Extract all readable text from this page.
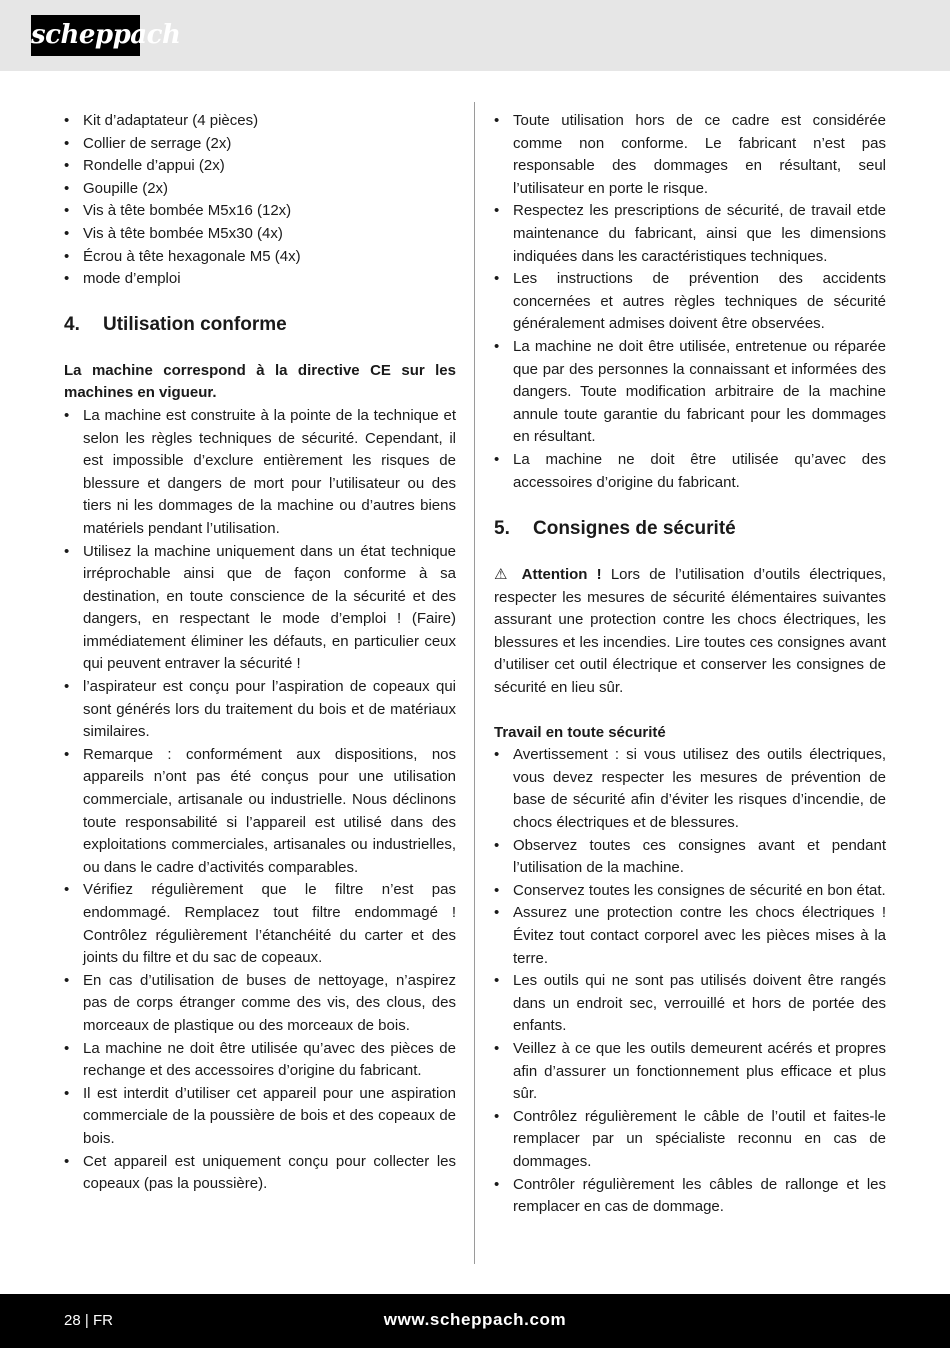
scheppach
• Kit d’adaptateur (4 pièces)
• Collier de serrage (2x)
• Rondelle d’appui (2x)
• Goupille (2x)
• Vis à tête bombée M5x16 (12x)
• Vis à tête bombée M5x30 (4x)
• Écrou à tête hexagonale M5 (4x)
• mode d’emploi
4.	Utilisation conforme

La machine correspond à la directive CE sur les machines en vigueur.

• La machine est construite à la pointe de la technique et selon les règles techniques de sécurité. Cependant, il est impossible d’exclure entièrement les risques de blessure et dangers de mort pour l’utilisateur ou des tiers ni les dommages de la machine ou d’autres biens matériels pendant l’utilisation.
• Utilisez la machine uniquement dans un état technique irréprochable ainsi que de façon conforme à sa destination, en toute conscience de la sécurité et des dangers, en respectant le mode d’emploi ! (Faire) immédiatement éliminer les défauts, en particulier ceux qui peuvent entraver la sécurité !
• l’aspirateur est conçu pour l’aspiration de copeaux qui sont générés lors du traitement du bois et de matériaux similaires.
• Remarque : conformément aux dispositions, nos appareils n’ont pas été conçus pour une utilisation commerciale, artisanale ou industrielle. Nous déclinons toute responsabilité si l’appareil est utilisé dans des exploitations commerciales, artisanales ou industrielles, ou dans le cadre d’activités comparables.
• Vérifiez régulièrement que le filtre n’est pas endommagé. Remplacez tout filtre endommagé ! Contrôlez régulièrement l’étanchéité du carter et des joints du filtre et du sac de copeaux.
• En cas d’utilisation de buses de nettoyage, n’aspirez pas de corps étranger comme des vis, des clous, des morceaux de plastique ou des morceaux de bois.
• La machine ne doit être utilisée qu’avec des pièces de rechange et des accessoires d’origine du fabricant.
• Il est interdit d’utiliser cet appareil pour une aspiration commerciale de la poussière de bois et des copeaux de bois.
• Cet appareil est uniquement conçu pour collecter les copeaux (pas la poussière).
• Toute utilisation hors de ce cadre est considérée comme non conforme. Le fabricant n’est pas responsable des dommages en résultant, seul l’utilisateur en porte le risque.
• Respectez les prescriptions de sécurité, de travail etde maintenance du fabricant, ainsi que les dimensions indiquées dans les caractéristiques techniques.
• Les instructions de prévention des accidents concernées et autres règles techniques de sécurité généralement admises doivent être observées.
• La machine ne doit être utilisée, entretenue ou réparée que par des personnes la connaissant et informées des dangers. Toute modification arbitraire de la machine annule toute garantie du fabricant pour les dommages en résultant.
• La machine ne doit être utilisée qu’avec des accessoires d’origine du fabricant.
5.	Consignes de sécurité

⚠ Attention ! Lors de l’utilisation d’outils électriques, respecter les mesures de sécurité élémentaires suivantes assurant une protection contre les chocs électriques, les blessures et les incendies. Lire toutes ces consignes avant d’utiliser cet outil électrique et conserver les consignes de sécurité en lieu sûr.

Travail en toute sécurité

• Avertissement : si vous utilisez des outils électriques, vous devez respecter les mesures de prévention de base de sécurité afin d’éviter les risques d’incendie, de chocs électriques et de blessures.
• Observez toutes ces consignes avant et pendant l’utilisation de la machine.
• Conservez toutes les consignes de sécurité en bon état.
• Assurez une protection contre les chocs électriques ! Évitez tout contact corporel avec les pièces mises à la terre.
• Les outils qui ne sont pas utilisés doivent être rangés dans un endroit sec, verrouillé et hors de portée des enfants.
• Veillez à ce que les outils demeurent acérés et propres afin d’assurer un fonctionnement plus efficace et plus sûr.
• Contrôlez régulièrement le câble de l’outil et faites-le remplacer par un spécialiste reconnu en cas de dommages.
• Contrôler régulièrement les câbles de rallonge et les remplacer en cas de dommage.
28 | FR	www.scheppach.com
